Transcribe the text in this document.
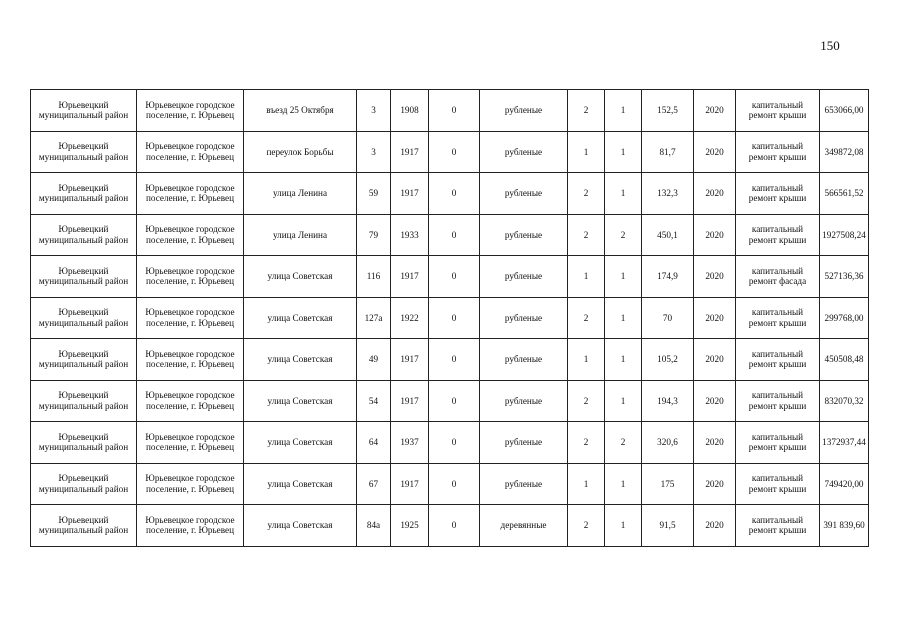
150
Юрьевецкий муниципальный район	Юрьевецкое городское поселение, г. Юрьевец	въезд 25 Октября	3	1908	0	рубленые	2	1	152,5	2020	капитальный ремонт крыши	653066,00
Юрьевецкий муниципальный район	Юрьевецкое городское поселение, г. Юрьевец	переулок Борьбы	3	1917	0	рубленые	1	1	81,7	2020	капитальный ремонт крыши	349872,08
Юрьевецкий муниципальный район	Юрьевецкое городское поселение, г. Юрьевец	улица Ленина	59	1917	0	рубленые	2	1	132,3	2020	капитальный ремонт крыши	566561,52
Юрьевецкий муниципальный район	Юрьевецкое городское поселение, г. Юрьевец	улица Ленина	79	1933	0	рубленые	2	2	450,1	2020	капитальный ремонт крыши	1927508,24
Юрьевецкий муниципальный район	Юрьевецкое городское поселение, г. Юрьевец	улица Советская	116	1917	0	рубленые	1	1	174,9	2020	капитальный ремонт фасада	527136,36
Юрьевецкий муниципальный район	Юрьевецкое городское поселение, г. Юрьевец	улица Советская	127а	1922	0	рубленые	2	1	70	2020	капитальный ремонт крыши	299768,00
Юрьевецкий муниципальный район	Юрьевецкое городское поселение, г. Юрьевец	улица Советская	49	1917	0	рубленые	1	1	105,2	2020	капитальный ремонт крыши	450508,48
Юрьевецкий муниципальный район	Юрьевецкое городское поселение, г. Юрьевец	улица Советская	54	1917	0	рубленые	2	1	194,3	2020	капитальный ремонт крыши	832070,32
Юрьевецкий муниципальный район	Юрьевецкое городское поселение, г. Юрьевец	улица Советская	64	1937	0	рубленые	2	2	320,6	2020	капитальный ремонт крыши	1372937,44
Юрьевецкий муниципальный район	Юрьевецкое городское поселение, г. Юрьевец	улица Советская	67	1917	0	рубленые	1	1	175	2020	капитальный ремонт крыши	749420,00
Юрьевецкий муниципальный район	Юрьевецкое городское поселение, г. Юрьевец	улица Советская	84а	1925	0	деревянные	2	1	91,5	2020	капитальный ремонт крыши	391 839,60
